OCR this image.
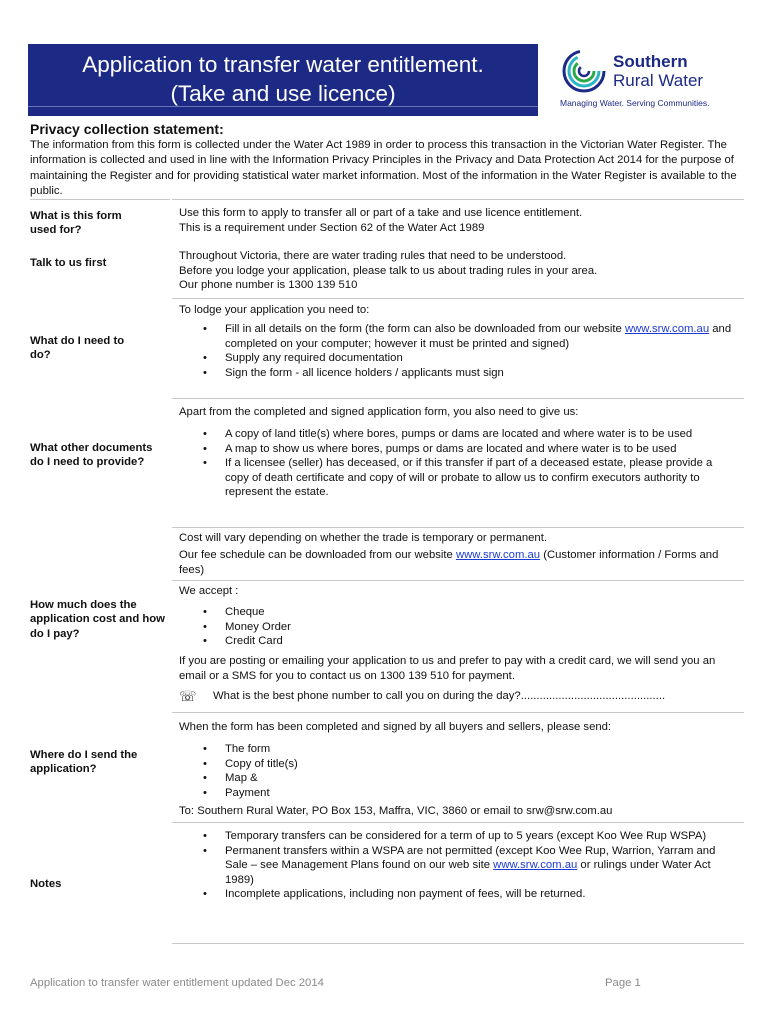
Application to transfer water entitlement.
(Take and use licence)
Southern
Rural Water
Managing Water. Serving Communities.
Privacy collection statement:
The information from this form is collected under the Water Act 1989 in order to process this transaction in the Victorian Water Register. The information is collected and used in line with the Information Privacy Principles in the Privacy and Data Protection Act 2014 for the purpose of maintaining the Register and for providing statistical water market information. Most of the information in the Water Register is available to the public.
What is this form used for?

Use this form to apply to transfer all or part of a take and use licence entitlement.

This is a requirement under Section 62 of the Water Act 1989

Talk to us first

Throughout Victoria, there are water trading rules that need to be understood.

Before you lodge your application, please talk to us about trading rules in your area.

Our phone number is 1300 139 510

What do I need to do?
To lodge your application you need to:
• Fill in all details on the form (the form can also be downloaded from our website www.srw.com.au and completed on your computer; however it must be printed and signed)
• Supply any required documentation
• Sign the form - all licence holders / applicants must sign
What other documents do I need to provide?
Apart from the completed and signed application form, you also need to give us:
• A copy of land title(s) where bores, pumps or dams are located and where water is to be used
• A map to show us where bores, pumps or dams are located and where water is to be used
• If a licensee (seller) has deceased, or if this transfer if part of a deceased estate, please provide a copy of death certificate and copy of will or probate to allow us to confirm executors authority to represent the estate.
How much does the application cost and how do I pay?
Cost will vary depending on whether the trade is temporary or permanent.
Our fee schedule can be downloaded from our website www.srw.com.au (Customer information / Forms and fees)
We accept :
• Cheque
• Money Order
• Credit Card
If you are posting or emailing your application to us and prefer to pay with a credit card, we will send you an email or a SMS for you to contact us on 1300 139 510 for payment.
☏ What is the best phone number to call you on during the day?..............................................
Where do I send the application?
When the form has been completed and signed by all buyers and sellers, please send:
• The form
• Copy of title(s)
• Map &
• Payment
To: Southern Rural Water, PO Box 153, Maffra, VIC, 3860 or email to srw@srw.com.au
Notes
• Temporary transfers can be considered for a term of up to 5 years (except Koo Wee Rup WSPA)
• Permanent transfers within a WSPA are not permitted (except Koo Wee Rup, Warrion, Yarram and Sale – see Management Plans found on our web site www.srw.com.au or rulings under Water Act 1989)
• Incomplete applications, including non payment of fees, will be returned.
Application to transfer water entitlement updated Dec 2014	Page 1
